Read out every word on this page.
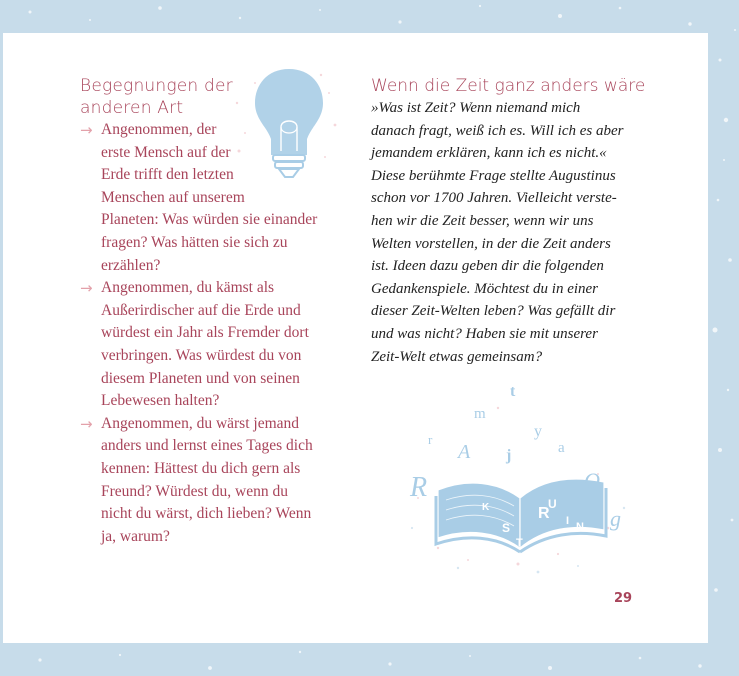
Begegnungen der
anderen Art
→ Angenommen, der
erste Mensch auf der
Erde trifft den letzten
Menschen auf unserem
Planeten: Was würden sie einander
fragen? Was hätten sie sich zu
erzählen?
→ Angenommen, du kämst als
Außerirdischer auf die Erde und
würdest ein Jahr als Fremder dort
verbringen. Was würdest du von
diesem Planeten und von seinen
Lebewesen halten?
→ Angenommen, du wärst jemand
anders und lernst eines Tages dich
kennen: Hättest du dich gern als
Freund? Würdest du, wenn du
nicht du wärst, dich lieben? Wenn
ja, warum?
Wenn die Zeit ganz anders wäre

»Was ist Zeit? Wenn niemand mich
danach fragt, weiß ich es. Will ich es aber
jemandem erklären, kann ich es nicht.«
Diese berühmte Frage stellte Augustinus
schon vor 1700 Jahren. Vielleicht verste-
hen wir die Zeit besser, wenn wir uns
Welten vorstellen, in der die Zeit anders
ist. Ideen dazu geben dir die folgenden
Gedankenspiele. Möchtest du in einer
dieser Zeit-Welten leben? Was gefällt dir
und was nicht? Haben sie mit unserer
Zeit-Welt etwas gemeinsam?

t
m
r
A j
y
a
Q
g
R
U
R
S
T
I N
K
29
